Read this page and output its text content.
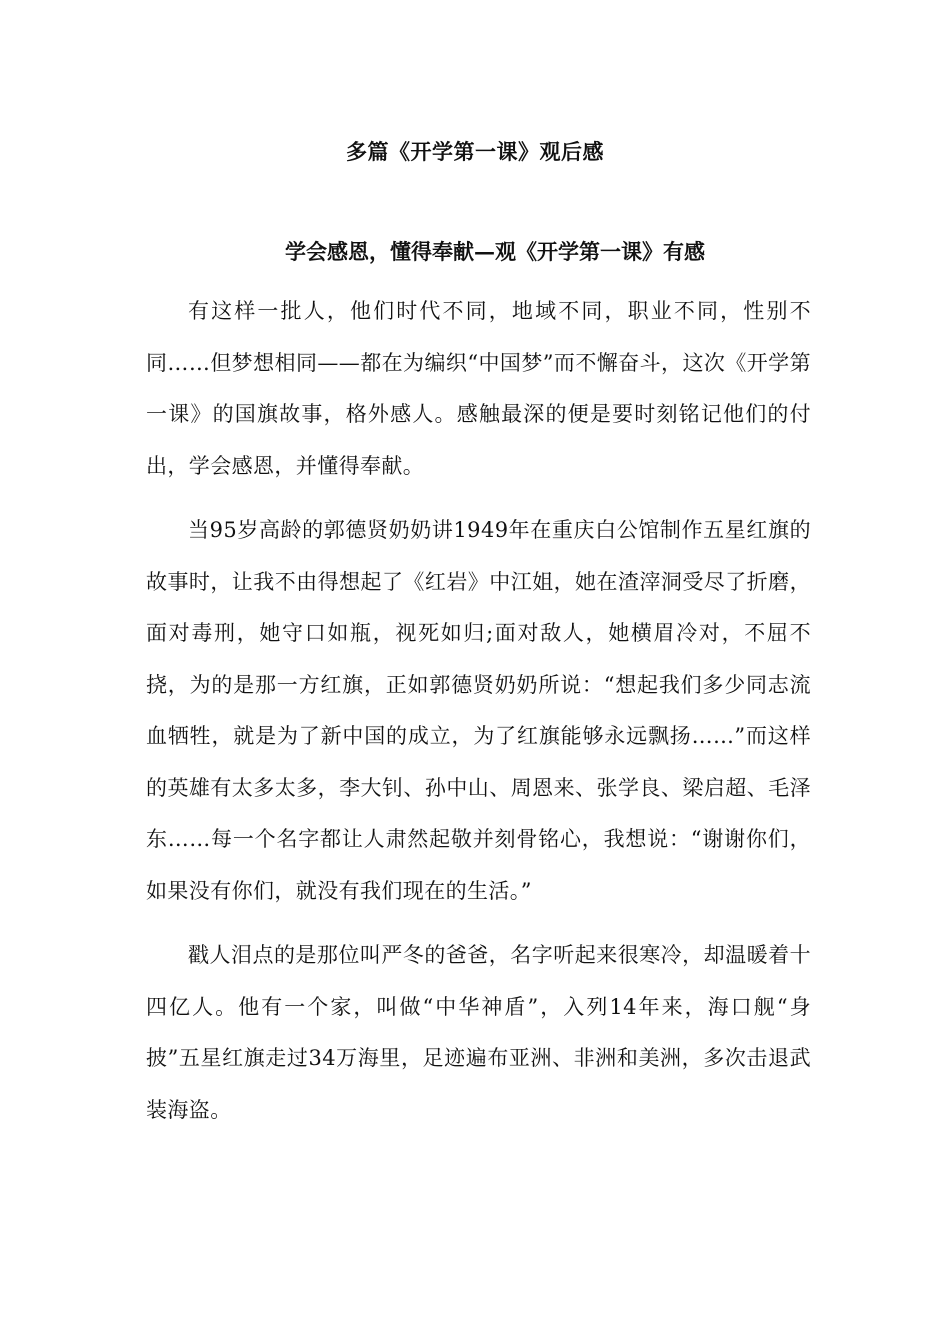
多篇《开学第一课》观后感
学会感恩，懂得奉献—观《开学第一课》有感

有这样一批人，他们时代不同，地域不同，职业不同，性别不同……但梦想相同——都在为编织“中国梦”而不懈奋斗，这次《开学第一课》的国旗故事，格外感人。感触最深的便是要时刻铭记他们的付出，学会感恩，并懂得奉献。

当95岁高龄的郭德贤奶奶讲1949年在重庆白公馆制作五星红旗的故事时，让我不由得想起了《红岩》中江姐，她在渣滓洞受尽了折磨，面对毒刑，她守口如瓶，视死如归;面对敌人，她横眉冷对，不屈不挠，为的是那一方红旗，正如郭德贤奶奶所说：“想起我们多少同志流血牺牲，就是为了新中国的成立，为了红旗能够永远飘扬……”而这样的英雄有太多太多，李大钊、孙中山、周恩来、张学良、梁启超、毛泽东……每一个名字都让人肃然起敬并刻骨铭心，我想说：“谢谢你们，如果没有你们，就没有我们现在的生活。”

戳人泪点的是那位叫严冬的爸爸，名字听起来很寒冷，却温暖着十四亿人。他有一个家，叫做“中华神盾”，入列14年来，海口舰“身披”五星红旗走过34万海里，足迹遍布亚洲、非洲和美洲，多次击退武装海盗。
